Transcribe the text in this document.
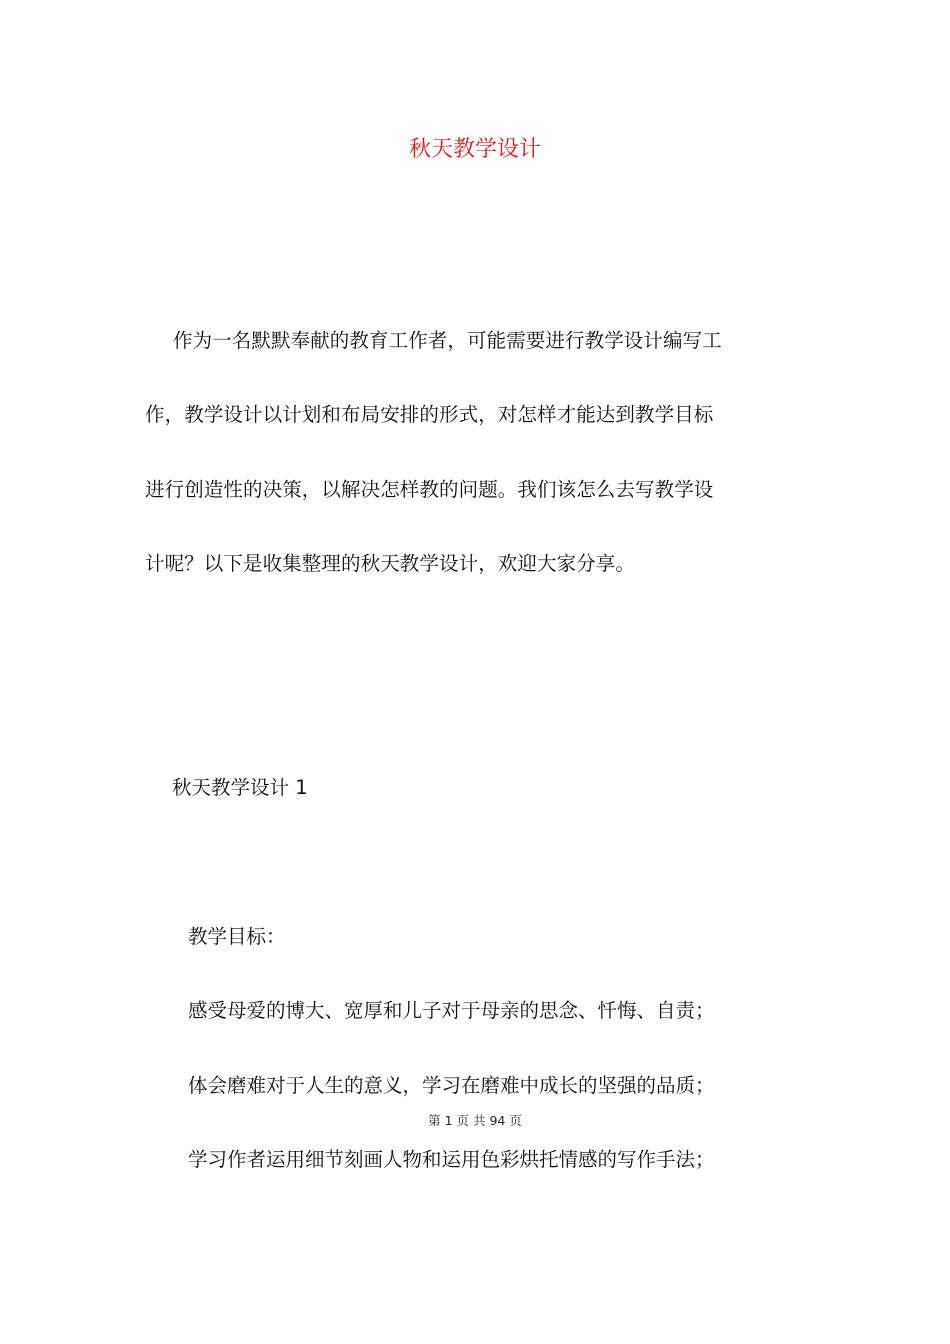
秋天教学设计
作为一名默默奉献的教育工作者，可能需要进行教学设计编写工
作，教学设计以计划和布局安排的形式，对怎样才能达到教学目标
进行创造性的决策，以解决怎样教的问题。我们该怎么去写教学设
计呢？以下是收集整理的秋天教学设计，欢迎大家分享。
秋天教学设计 1
教学目标：
感受母爱的博大、宽厚和儿子对于母亲的思念、忏悔、自责；
体会磨难对于人生的意义，学习在磨难中成长的坚强的品质；
第 1 页 共 94 页
学习作者运用细节刻画人物和运用色彩烘托情感的写作手法；
